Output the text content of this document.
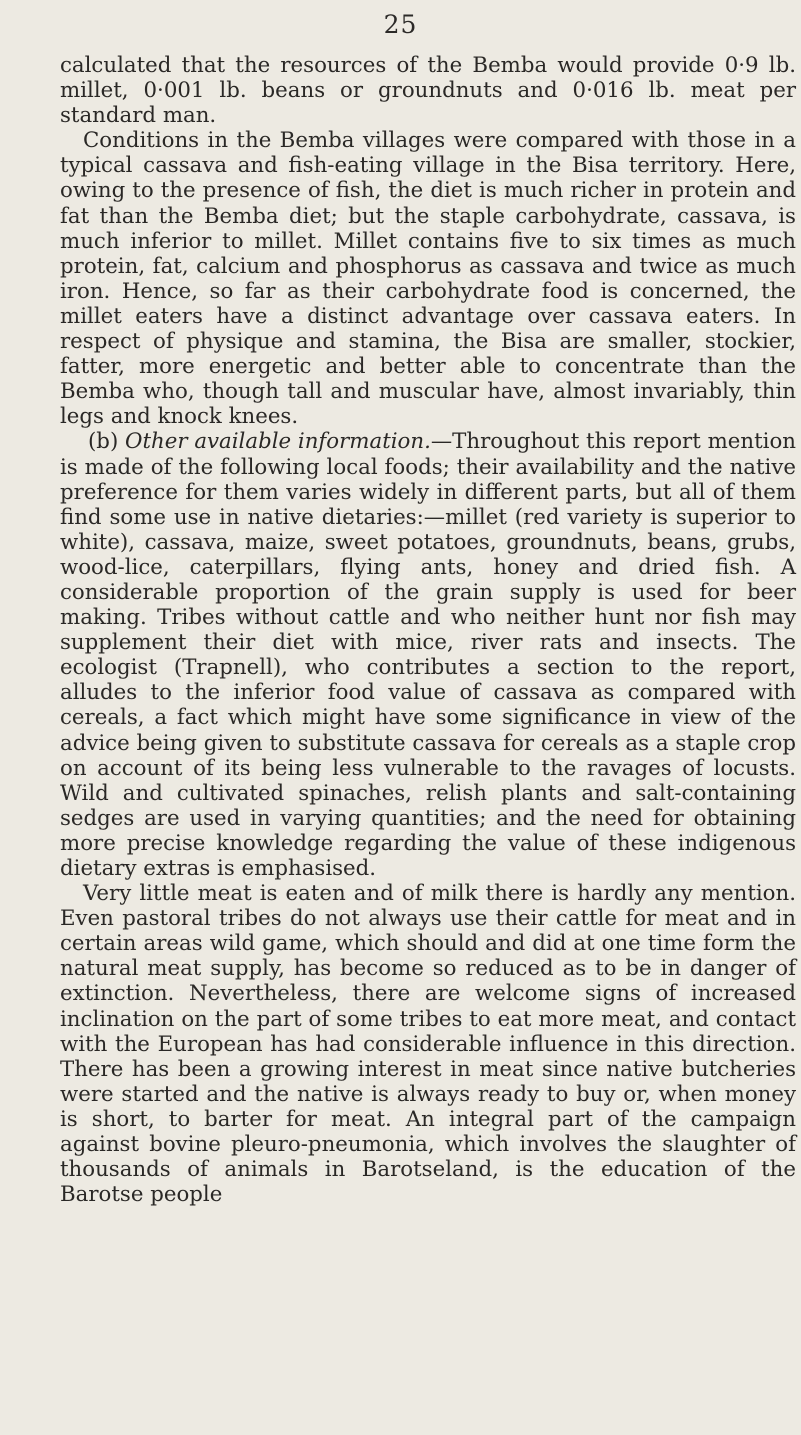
25

calculated that the resources of the Bemba would provide 0·9 lb. millet, 0·001 lb. beans or groundnuts and 0·016 lb. meat per standard man.

Conditions in the Bemba villages were compared with those in a typical cassava and fish-eating village in the Bisa territory. Here, owing to the presence of fish, the diet is much richer in protein and fat than the Bemba diet; but the staple carbohydrate, cassava, is much inferior to millet. Millet contains five to six times as much protein, fat, calcium and phosphorus as cassava and twice as much iron. Hence, so far as their carbohydrate food is concerned, the millet eaters have a distinct advantage over cassava eaters. In respect of physique and stamina, the Bisa are smaller, stockier, fatter, more energetic and better able to concentrate than the Bemba who, though tall and muscular have, almost invariably, thin legs and knock knees.

(b) Other available information.—Throughout this report mention is made of the following local foods; their availability and the native preference for them varies widely in different parts, but all of them find some use in native dietaries:—millet (red variety is superior to white), cassava, maize, sweet potatoes, groundnuts, beans, grubs, wood-lice, caterpillars, flying ants, honey and dried fish. A considerable proportion of the grain supply is used for beer making. Tribes without cattle and who neither hunt nor fish may supplement their diet with mice, river rats and insects. The ecologist (Trapnell), who contributes a section to the report, alludes to the inferior food value of cassava as compared with cereals, a fact which might have some significance in view of the advice being given to substitute cassava for cereals as a staple crop on account of its being less vulnerable to the ravages of locusts. Wild and cultivated spinaches, relish plants and salt-containing sedges are used in varying quantities; and the need for obtaining more precise knowledge regarding the value of these indigenous dietary extras is emphasised.

Very little meat is eaten and of milk there is hardly any mention. Even pastoral tribes do not always use their cattle for meat and in certain areas wild game, which should and did at one time form the natural meat supply, has become so reduced as to be in danger of extinction. Nevertheless, there are welcome signs of increased inclination on the part of some tribes to eat more meat, and contact with the European has had considerable influence in this direction. There has been a growing interest in meat since native butcheries were started and the native is always ready to buy or, when money is short, to barter for meat. An integral part of the campaign against bovine pleuro-pneumonia, which involves the slaughter of thousands of animals in Barotseland, is the education of the Barotse people
